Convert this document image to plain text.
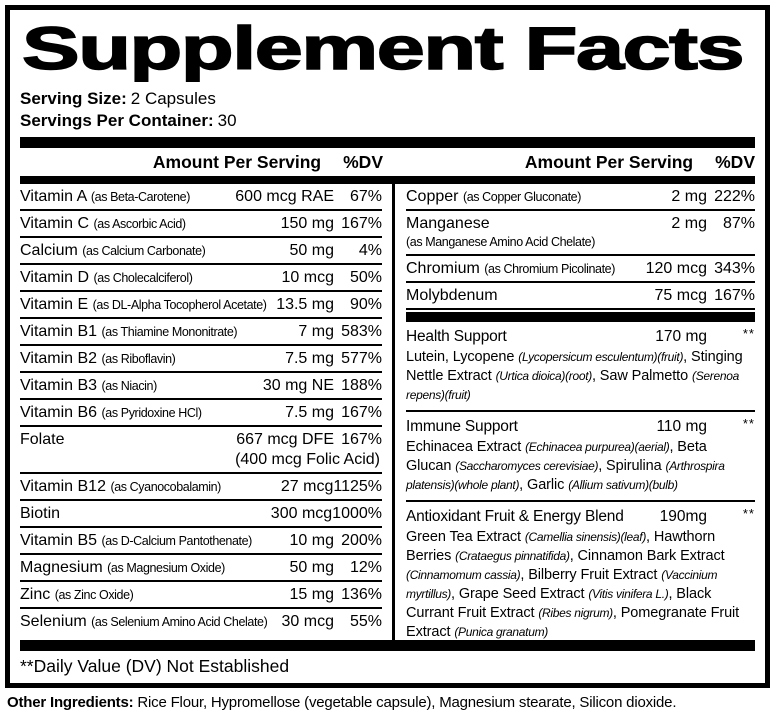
Supplement Facts
Serving Size: 2 Capsules
Servings Per Container: 30
Amount Per Serving %DV	Amount Per Serving %DV
Vitamin A (as Beta-Carotene)	600 mcg RAE 67%
Vitamin C (as Ascorbic Acid)	150 mg 167%
Calcium (as Calcium Carbonate)	50 mg	4%
Vitamin D (as Cholecalciferol)	10 mcg 50%
Vitamin E (as DL-Alpha Tocopherol Acetate) 13.5 mg 90%
Vitamin B1 (as Thiamine Mononitrate)	7 mg 583%
Vitamin B2 (as Riboflavin)	7.5 mg 577%
Vitamin B3 (as Niacin)	30 mg NE 188%
Vitamin B6 (as Pyridoxine HCl)	7.5 mg 167%
Folate	667 mcg DFE 167%
(400 mcg Folic Acid)
Vitamin B12 (as Cyanocobalamin)	27 mcg 1125%
Biotin	300 mcg 1000%
Vitamin B5 (as D-Calcium Pantothenate)	10 mg 200%
Magnesium (as Magnesium Oxide)	50 mg 12%
Zinc (as Zinc Oxide)	15 mg 136%
Selenium (as Selenium Amino Acid Chelate) 30 mcg 55%
Copper (as Copper Gluconate)	2 mg 222%
Manganese	2 mg 87%
(as Manganese Amino Acid Chelate)
Chromium (as Chromium Picolinate)	120 mcg 343%
Molybdenum	75 mcg 167%
Health Support	170 mg	**
Lutein, Lycopene (Lycopersicum esculentum)(fruit), Stinging Nettle Extract (Urtica dioica)(root), Saw Palmetto (Serenoa repens)(fruit)
Immune Support	110 mg	**
Echinacea Extract (Echinacea purpurea)(aerial), Beta Glucan (Saccharomyces cerevisiae), Spirulina (Arthrospira platensis)(whole plant), Garlic (Allium sativum)(bulb)
Antioxidant Fruit & Energy Blend	190mg	**
Green Tea Extract (Camellia sinensis)(leaf), Hawthorn Berries (Crataegus pinnatifida), Cinnamon Bark Extract (Cinnamomum cassia), Bilberry Fruit Extract (Vaccinium myrtillus), Grape Seed Extract (Vitis vinifera L.), Black Currant Fruit Extract (Ribes nigrum), Pomegranate Fruit Extract (Punica granatum)
**Daily Value (DV) Not Established
Other Ingredients: Rice Flour, Hypromellose (vegetable capsule), Magnesium stearate, Silicon dioxide.
